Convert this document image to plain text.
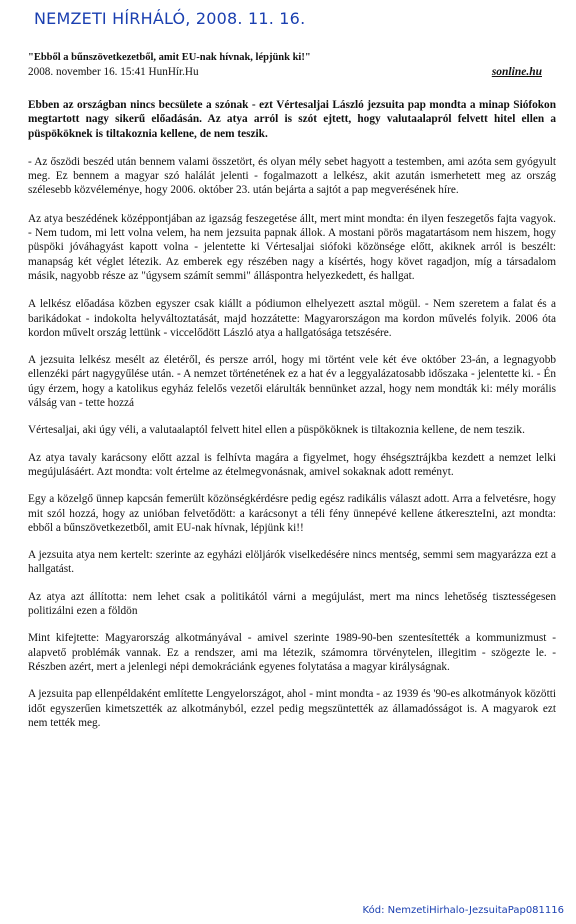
NEMZETI HÍRHÁLÓ, 2008. 11. 16.
"Ebből a bűnszövetkezetből, amit EU-nak hívnak, lépjünk ki!"
2008. november 16. 15:41 HunHír.Hu	sonline.hu

Ebben az országban nincs becsülete a szónak - ezt Vértesaljai László jezsuita pap mondta a minap Siófokon megtartott nagy sikerű előadásán. Az atya arról is szót ejtett, hogy valutaalapról felvett hitel ellen a püspököknek is tiltakoznia kellene, de nem teszik.

- Az őszödi beszéd után bennem valami összetört, és olyan mély sebet hagyott a testemben, ami azóta sem gyógyult meg. Ez bennem a magyar szó halálát jelenti - fogalmazott a lelkész, akit azután ismerhetett meg az ország szélesebb közvéleménye, hogy 2006. október 23. után bejárta a sajtót a pap megverésének híre.

Az atya beszédének középpontjában az igazság feszegetése állt, mert mint mondta: én ilyen feszegetős fajta vagyok. - Nem tudom, mi lett volna velem, ha nem jezsuita papnak állok. A mostani pörös magatartásom nem hiszem, hogy püspöki jóváhagyást kapott volna - jelentette ki Vértesaljai siófoki közönsége előtt, akiknek arról is beszélt: manapság két véglet létezik. Az emberek egy részében nagy a kísértés, hogy követ ragadjon, míg a társadalom másik, nagyobb része az "úgysem számít semmi" álláspontra helyezkedett, és hallgat.

A lelkész előadása közben egyszer csak kiállt a pódiumon elhelyezett asztal mögül. - Nem szeretem a falat és a barikádokat - indokolta helyváltoztatását, majd hozzátette: Magyarországon ma kordon művelés folyik. 2006 óta kordon művelt ország lettünk - viccelődött László atya a hallgatósága tetszésére.

A jezsuita lelkész mesélt az életéről, és persze arról, hogy mi történt vele két éve október 23-án, a legnagyobb ellenzéki párt nagygyűlése után. - A nemzet történetének ez a hat év a leggyalázatosabb időszaka - jelentette ki. - Én úgy érzem, hogy a katolikus egyház felelős vezetői elárulták bennünket azzal, hogy nem mondták ki: mély morális válság van - tette hozzá

Vértesaljai, aki úgy véli, a valutaalaptól felvett hitel ellen a püspököknek is tiltakoznia kellene, de nem teszik.

Az atya tavaly karácsony előtt azzal is felhívta magára a figyelmet, hogy éhségsztrájkba kezdett a nemzet lelki megújulásáért. Azt mondta: volt értelme az ételmegvonásnak, amivel sokaknak adott reményt.

Egy a közelgő ünnep kapcsán femerült közönségkérdésre pedig egész radikális választ adott. Arra a felvetésre, hogy mit szól hozzá, hogy az unióban felvetődött: a karácsonyt a téli fény ünnepévé kellene átkereszteIni, azt mondta: ebből a bűnszövetkezetből, amit EU-nak hívnak, lépjünk ki!!

A jezsuita atya nem kertelt: szerinte az egyházi elöljárók viselkedésére nincs mentség, semmi sem magyarázza ezt a hallgatást.

Az atya azt állította: nem lehet csak a politikától várni a megújulást, mert ma nincs lehetőség tisztességesen politizálni ezen a földön

Mint kifejtette: Magyarország alkotmányával - amivel szerinte 1989-90-ben szentesítették a kommunizmust - alapvető problémák vannak. Ez a rendszer, ami ma létezik, számomra törvénytelen, illegitim - szögezte le. - Részben azért, mert a jelenlegi népi demokráciánk egyenes folytatása a magyar királyságnak.

A jezsuita pap ellenpéldaként említette Lengyelországot, ahol - mint mondta - az 1939 és '90-es alkotmányok közötti időt egyszerűen kimetszették az alkotmányból, ezzel pedig megszüntették az államadósságot is. A magyarok ezt nem tették meg.

Kód: NemzetiHirhalo-JezsuitaPap081116
